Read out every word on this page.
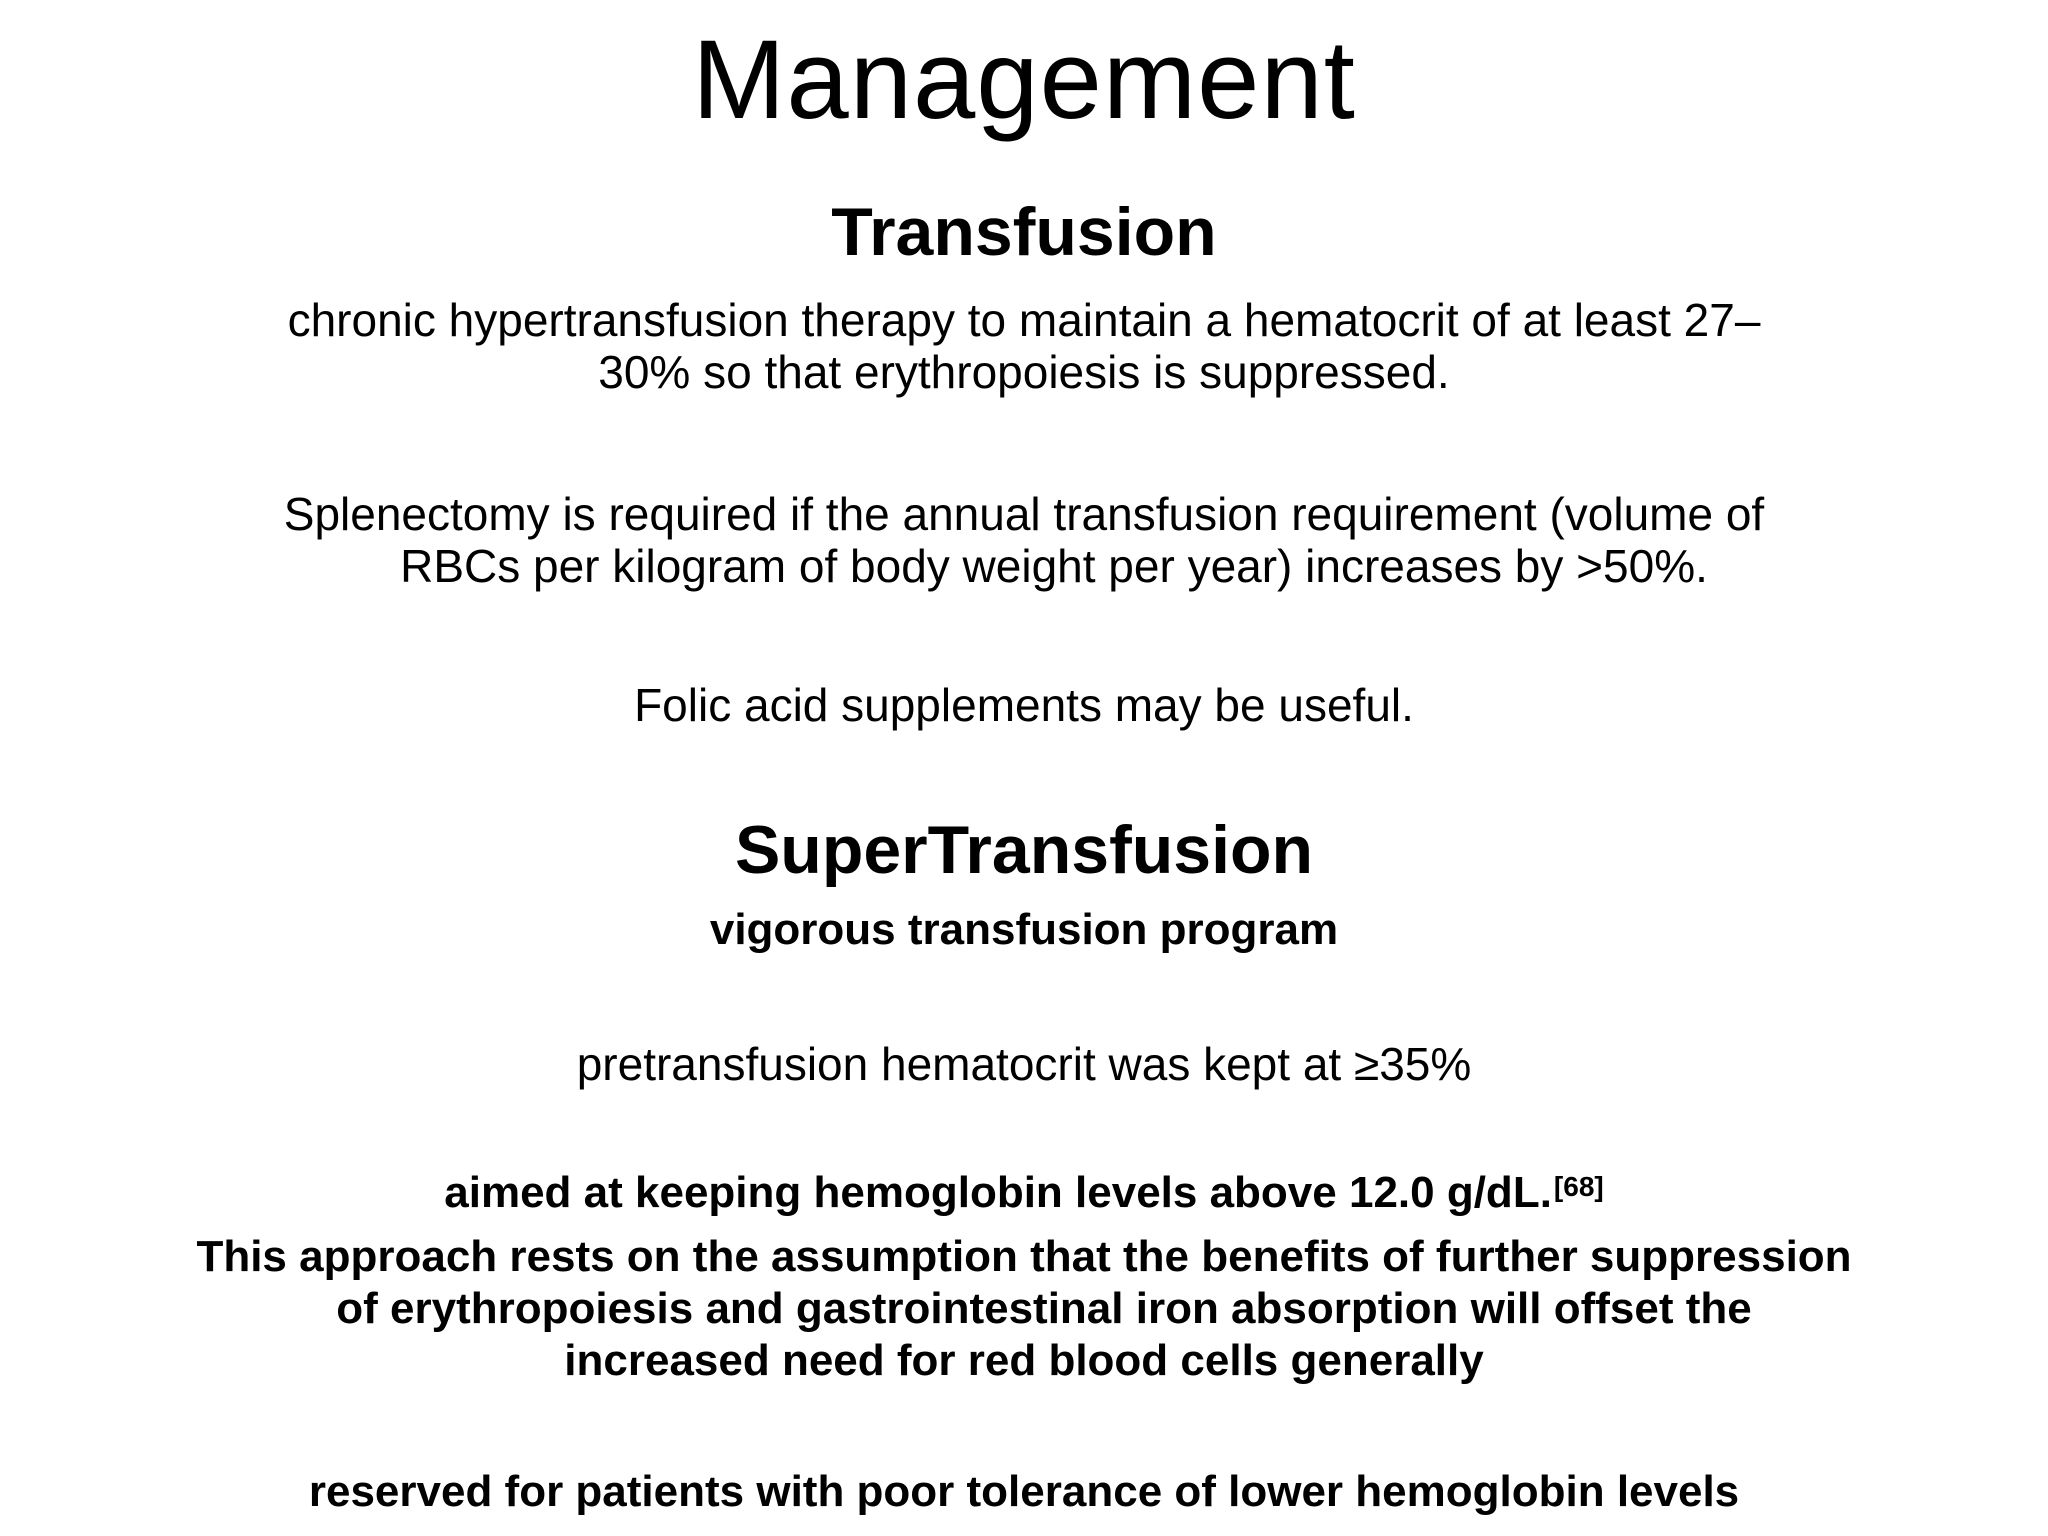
Management
Transfusion
chronic hypertransfusion therapy to maintain a hematocrit of at least 27–
30% so that erythropoiesis is suppressed.
Splenectomy is required if the annual transfusion requirement (volume of
RBCs per kilogram of body weight per year) increases by >50%.
Folic acid supplements may be useful.
SuperTransfusion
vigorous transfusion program
pretransfusion hematocrit was kept at ≥35%
aimed at keeping hemoglobin levels above 12.0 g/dL.[68]
This approach rests on the assumption that the benefits of further suppression
of erythropoiesis and gastrointestinal iron absorption will offset the
increased need for red blood cells generally
reserved for patients with poor tolerance of lower hemoglobin levels
